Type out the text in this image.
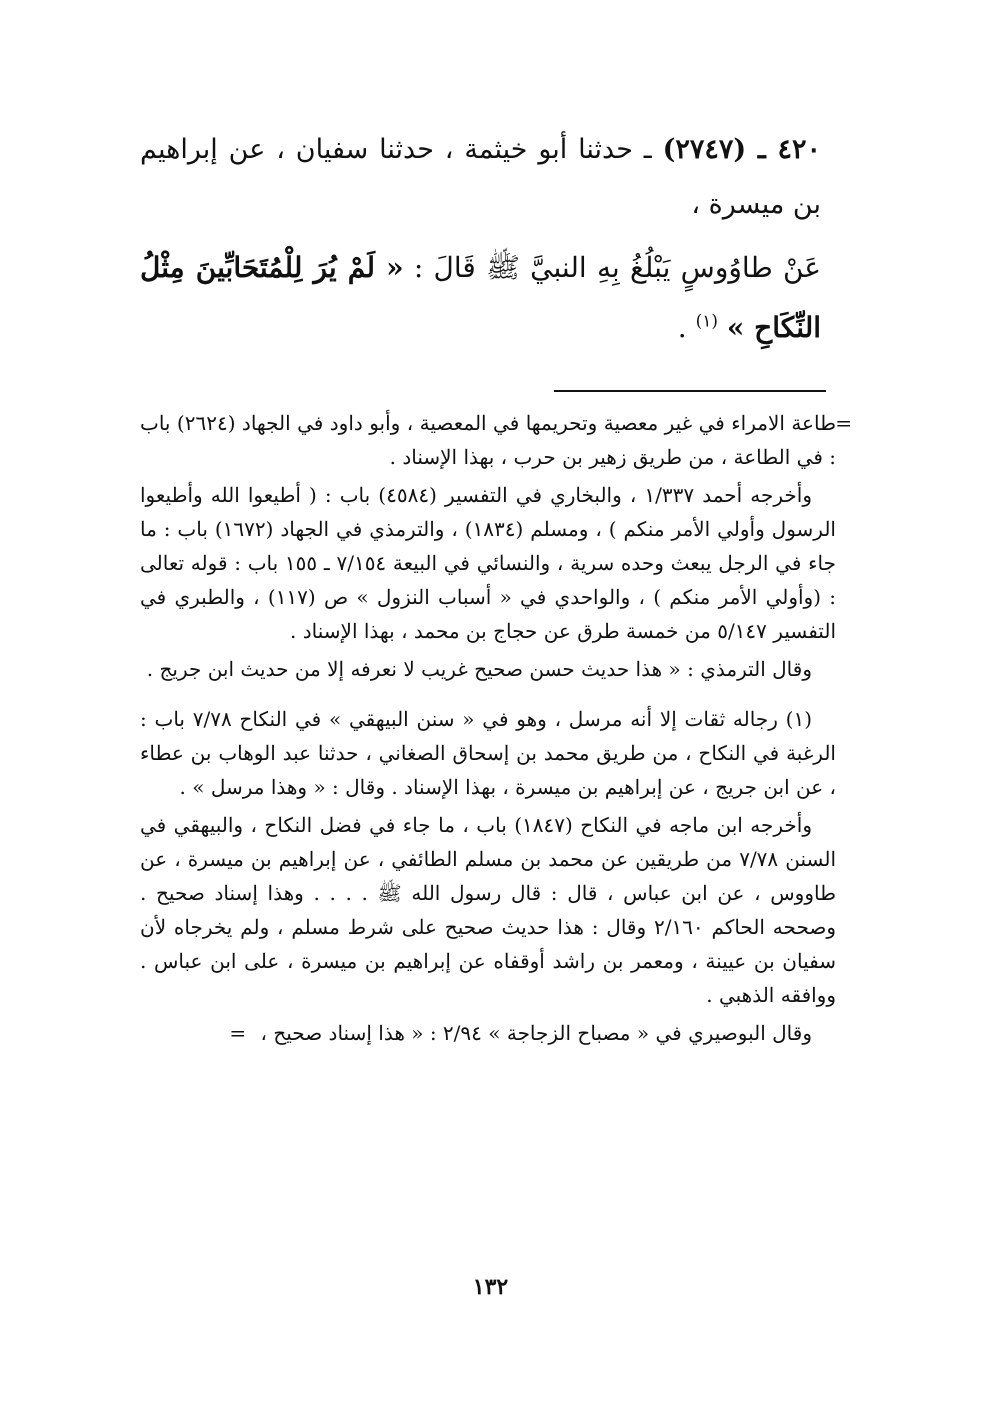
٤٢٠ ـ (٢٧٤٧) ـ حدثنا أبو خيثمة ، حدثنا سفيان ، عن إبراهيم بن ميسرة ،

عَنْ طاوُوسٍ يَبْلُغُ بِهِ النبيَّ ﷺ قَالَ : « لَمْ يُرَ لِلْمُتَحَابِّينَ مِثْلُ النِّكَاحِ » $^{(١)}$ .

=
طاعة الامراء في غير معصية وتحريمها في المعصية ، وأبو داود في الجهاد (٢٦٢٤) باب : في الطاعة ، من طريق زهير بن حرب ، بهذا الإسناد .

وأخرجه أحمد ١/٣٣٧ ، والبخاري في التفسير (٤٥٨٤) باب : ( أطيعوا الله وأطيعوا الرسول وأولي الأمر منكم ) ، ومسلم (١٨٣٤) ، والترمذي في الجهاد (١٦٧٢) باب : ما جاء في الرجل يبعث وحده سرية ، والنسائي في البيعة ٧/١٥٤ ـ ١٥٥ باب : قوله تعالى : (وأولي الأمر منكم ) ، والواحدي في « أسباب النزول » ص (١١٧) ، والطبري في التفسير ٥/١٤٧ من خمسة طرق عن حجاج بن محمد ، بهذا الإسناد .

وقال الترمذي : « هذا حديث حسن صحيح غريب لا نعرفه إلا من حديث ابن جريج .

(١) رجاله ثقات إلا أنه مرسل ، وهو في « سنن البيهقي » في النكاح ٧/٧٨ باب : الرغبة في النكاح ، من طريق محمد بن إسحاق الصغاني ، حدثنا عبد الوهاب بن عطاء ، عن ابن جريج ، عن إبراهيم بن ميسرة ، بهذا الإسناد . وقال : « وهذا مرسل » .

وأخرجه ابن ماجه في النكاح (١٨٤٧) باب ، ما جاء في فضل النكاح ، والبيهقي في السنن ٧/٧٨ من طريقين عن محمد بن مسلم الطائفي ، عن إبراهيم بن ميسرة ، عن طاووس ، عن ابن عباس ، قال : قال رسول الله ﷺ . . . . وهذا إسناد صحيح . وصححه الحاكم ٢/١٦٠ وقال : هذا حديث صحيح على شرط مسلم ، ولم يخرجاه لأن سفيان بن عيينة ، ومعمر بن راشد أوقفاه عن إبراهيم بن ميسرة ، على ابن عباس . ووافقه الذهبي .

وقال البوصيري في « مصباح الزجاجة » ٢/٩٤ : « هذا إسناد صحيح ، =

١٣٢
